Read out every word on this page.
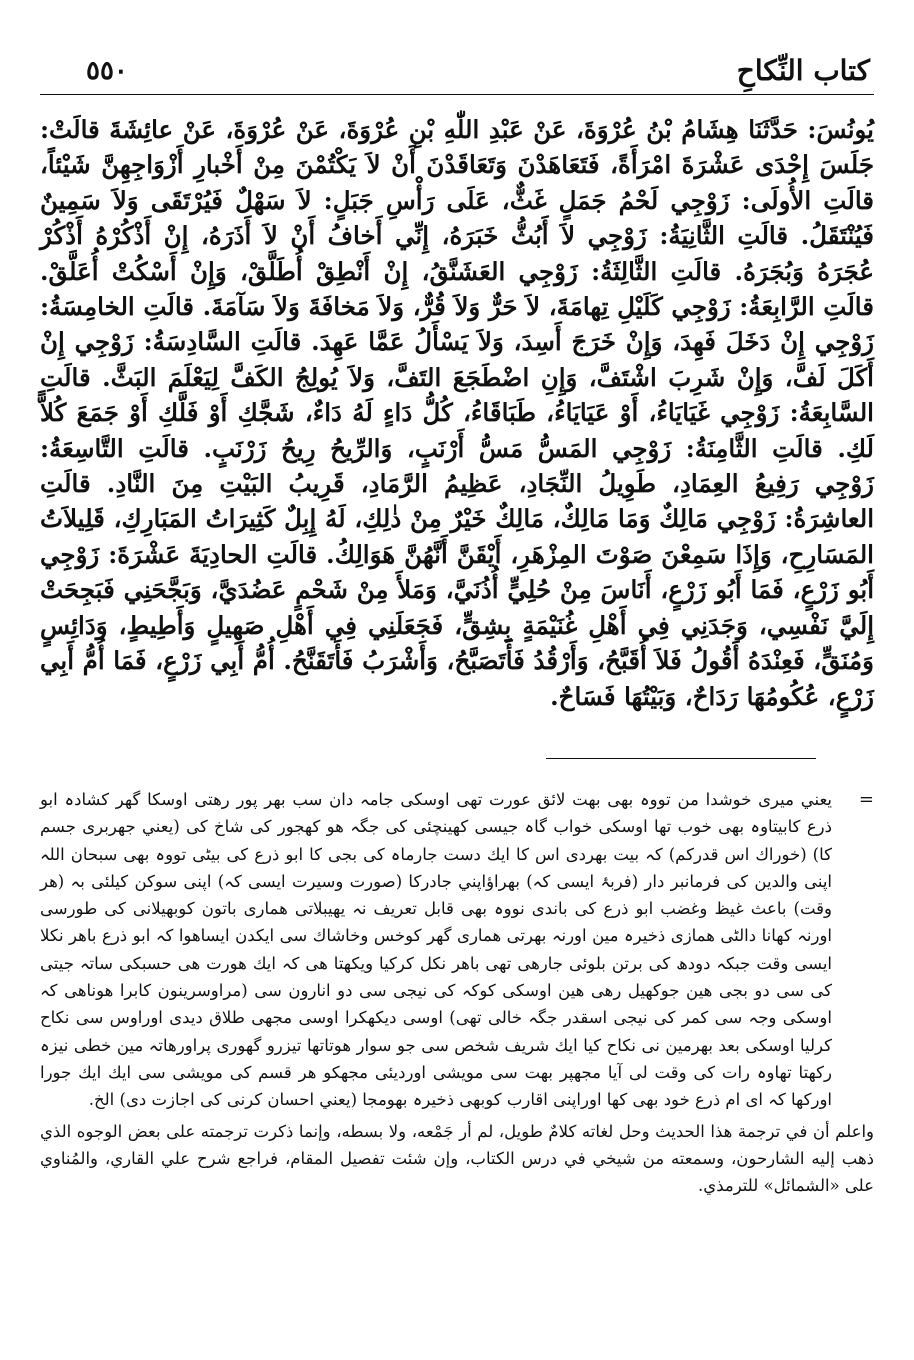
٥٥٠	كتاب النِّكاحِ

يُونُسَ: حَدَّثَنَا هِشَامُ بْنُ عُرْوَةَ، عَنْ عَبْدِ اللّٰهِ بْنِ عُرْوَةَ، عَنْ عُرْوَةَ، عَنْ عائِشَةَ قالَتْ: جَلَسَ إِحْدَى عَشْرَةَ امْرَأَةً، فَتَعَاهَدْنَ وَتَعَاقَدْنَ أَنْ لاَ يَكْتُمْنَ مِنْ أَخْبارِ أَزْوَاجِهِنَّ شَيْئاً، قالَتِ الأُولَى: زَوْجِي لَحْمُ جَمَلٍ غَثٌّ، عَلَى رَأْسِ جَبَلٍ: لاَ سَهْلٌ فَيُرْتَقَى وَلاَ سَمِينٌ فَيُنْتَقَلُ. قالَتِ الثَّانِيَةُ: زَوْجِي لاَ أَبُثُّ خَبَرَهُ، إِنِّي أَخافُ أَنْ لاَ أَذَرَهُ، إِنْ أَذْكُرْهُ أَذْكُرْ عُجَرَهُ وَبُجَرَهُ. قالَتِ الثَّالِثَةُ: زَوْجِي العَشَنَّقُ، إِنْ أَنْطِقْ أُطَلَّقْ، وَإِنْ أَسْكُتْ أُعَلَّقْ. قالَتِ الرَّابِعَةُ: زَوْجِي كَلَيْلِ تِهامَةَ، لاَ حَرٌّ وَلاَ قُرٌّ، وَلاَ مَخافَةَ وَلاَ سَآمَةَ. قالَتِ الخامِسَةُ: زَوْجِي إِنْ دَخَلَ فَهِدَ، وَإِنْ خَرَجَ أَسِدَ، وَلاَ يَسْأَلُ عَمَّا عَهِدَ. قالَتِ السَّادِسَةُ: زَوْجِي إِنْ أَكَلَ لَفَّ، وَإِنْ شَرِبَ اشْتَفَّ، وَإِنِ اضْطَجَعَ التَفَّ، وَلاَ يُولِجُ الكَفَّ لِيَعْلَمَ البَثَّ. قالَتِ السَّابِعَةُ: زَوْجِي غَيَايَاءُ، أَوْ عَيَايَاءُ، طَبَاقَاءُ، كُلُّ دَاءٍ لَهُ دَاءٌ، شَجَّكِ أَوْ فَلَّكِ أَوْ جَمَعَ كُلاًّ لَكِ. قالَتِ الثَّامِنَةُ: زَوْجِي المَسُّ مَسُّ أَرْنَبٍ، وَالرِّيحُ رِيحُ زَرْنَبٍ. قالَتِ التَّاسِعَةُ: زَوْجِي رَفِيعُ العِمَادِ، طَوِيلُ النِّجَادِ، عَظِيمُ الرَّمَادِ، قَرِيبُ البَيْتِ مِنَ النَّادِ. قالَتِ العاشِرَةُ: زَوْجِي مَالِكٌ وَمَا مَالِكٌ، مَالِكٌ خَيْرٌ مِنْ ذٰلِكِ، لَهُ إِبِلٌ كَثِيرَاتُ المَبَارِكِ، قَلِيلاَتُ المَسَارِحِ، وَإِذَا سَمِعْنَ صَوْتَ المِزْهَرِ، أَيْقَنَّ أَنَّهُنَّ هَوَالِكُ. قالَتِ الحادِيَةَ عَشْرَةَ: زَوْجِي أَبُو زَرْعٍ، فَمَا أَبُو زَرْعٍ، أَنَاسَ مِنْ حُلِيٍّ أُذُنَيَّ، وَمَلأَ مِنْ شَحْمٍ عَضُدَيَّ، وَبَجَّحَنِي فَبَجِحَتْ إِلَيَّ نَفْسِي، وَجَدَنِي فِي أَهْلِ غُنَيْمَةٍ بِشِقٍّ، فَجَعَلَنِي فِي أَهْلِ صَهِيلٍ وَأَطِيطٍ، وَدَائِسٍ وَمُنَقٍّ، فَعِنْدَهُ أَقُولُ فَلاَ أُقَبَّحُ، وَأَرْقُدُ فَأَتَصَبَّحُ، وَأَشْرَبُ فَأَتَقَنَّحُ. أُمُّ أَبِي زَرْعٍ، فَمَا أُمُّ أَبِي زَرْعٍ، عُكُومُهَا رَدَاحٌ، وَبَيْتُهَا فَسَاحٌ.

=

یعني میری خوشدا من تووہ بھی بھت لائق عورت تھی اوسکی جامہ دان سب بھر پور رھتی اوسکا گھر کشادہ ابو ذرع کابیتاوہ بھی خوب تھا اوسکی خواب گاہ جیسی کھینچئی کی جگہ ھو کھجور کی شاخ کی (یعني جھربری جسم کا) (خوراك اس قدرکم) کہ بیت بھردی اس کا ایك دست جارماہ کی بجی کا ابو ذرع کی بیٹی تووہ بھی سبحان اللہ اپنی والدین کی فرمانبر دار (فربۂ ایسی کہ) بھراؤاپني جادرکا (صورت وسیرت ایسی کہ) اپنی سوکن کیلئی بہ (ھر وقت) باعث غیظ وغضب ابو ذرع کی باندی نووہ بھی قابل تعریف نہ یھیبلاتی ھماری باتون کوبھیلانی کی طورسی اورنہ کھانا دالٹی ھمازی ذخیرہ مین اورنہ بھرتی ھماری گھر کوخس وخاشاك سی ایکدن ایساھوا کہ ابو ذرع باھر نکلا ایسی وقت جبکہ دودھ کی برتن بلوئی جارھی تھی باھر نکل کرکیا ویکھتا ھی کہ ایك ھورت ھی حسبکی ساتہ جیتی کی سی دو بجی ھین جوکھیل رھی ھین اوسکی کوکہ کی نیجی سی دو انارون سی (مراوسرینون کابرا ھوناھی کہ اوسکی وجہ سی کمر کی نیجی اسقدر جگہ خالی تھی) اوسی دیکھکرا اوسی مجھی طلاق دیدی اوراوس سی نکاح کرلیا اوسکی بعد بھرمین نی نکاح کیا ایك شریف شخص سی جو سوار ھوتاتھا تیزرو گھوری پراورھاتہ مین خطی نیزہ رکھتا تھاوہ رات کی وقت لی آیا مجھپر بھت سی مویشی اوردیئی مجھکو ھر قسم کی مویشی سی ایك ایك جورا اورکھا کہ ای ام ذرع خود بھی کھا اوراپنی اقارب کوبھی ذخیرہ بھومجا (یعني احسان کرنی کی اجازت دی) الخ.

واعلم أن في ترجمة هذا الحديث وحل لغاته كلامٌ طويل، لم أر جَمْعه، ولا بسطه، وإنما ذكرت ترجمته على بعض الوجوه الذي ذهب إليه الشارحون، وسمعته من شيخي في درس الكتاب، وإن شئت تفصيل المقام، فراجع شرح علي القاري، والمُناوي على «الشمائل» للترمذي.
